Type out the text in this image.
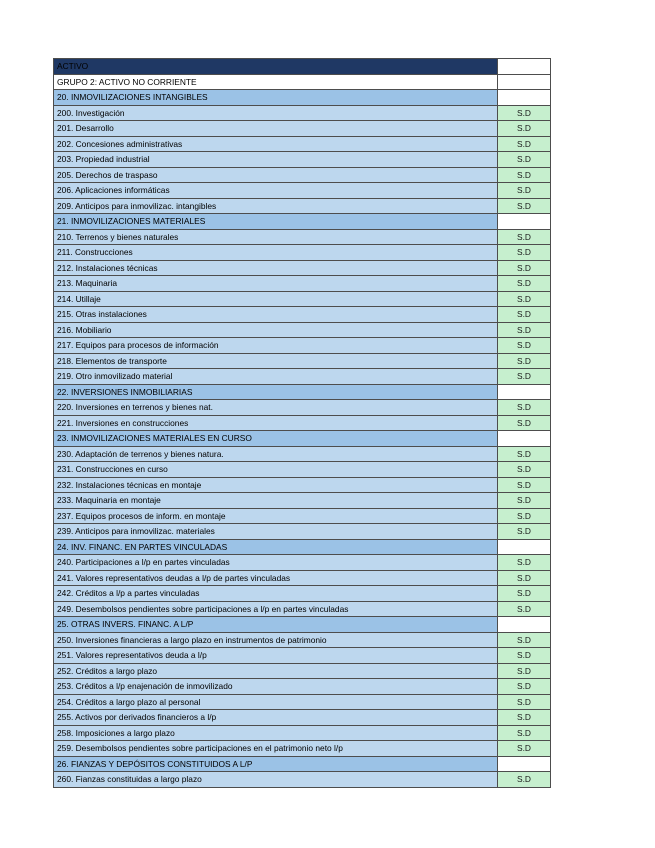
ACTIVO	
GRUPO 2: ACTIVO NO CORRIENTE	
20. INMOVILIZACIONES INTANGIBLES	
200. Investigación	S.D
201. Desarrollo	S.D
202. Concesiones administrativas	S.D
203. Propiedad industrial	S.D
205. Derechos de traspaso	S.D
206. Aplicaciones informáticas	S.D
209. Anticipos para inmovilizac. intangibles	S.D
21. INMOVILIZACIONES MATERIALES	
210. Terrenos y bienes naturales	S.D
211. Construcciones	S.D
212. Instalaciones técnicas	S.D
213. Maquinaria	S.D
214. Utillaje	S.D
215. Otras instalaciones	S.D
216. Mobiliario	S.D
217. Equipos para procesos de información	S.D
218. Elementos de transporte	S.D
219. Otro inmovilizado material	S.D
22. INVERSIONES INMOBILIARIAS	
220. Inversiones en terrenos y bienes nat.	S.D
221. Inversiones en construcciones	S.D
23. INMOVILIZACIONES MATERIALES EN CURSO	
230. Adaptación de terrenos y bienes natura.	S.D
231. Construcciones en curso	S.D
232. Instalaciones técnicas en montaje	S.D
233. Maquinaria en montaje	S.D
237. Equipos procesos de inform. en montaje	S.D
239. Anticipos para inmovilizac. materiales	S.D
24. INV. FINANC. EN PARTES VINCULADAS	
240. Participaciones a l/p en partes vinculadas	S.D
241. Valores representativos deudas a l/p de partes vinculadas	S.D
242. Créditos a l/p a partes vinculadas	S.D
249. Desembolsos pendientes sobre participaciones a l/p en partes vinculadas	S.D
25. OTRAS INVERS. FINANC. A L/P	
250. Inversiones financieras a largo plazo en instrumentos de patrimonio	S.D
251. Valores representativos deuda a l/p	S.D
252. Créditos a largo plazo	S.D
253. Créditos a l/p enajenación de inmovilizado	S.D
254. Créditos a largo plazo al personal	S.D
255. Activos por derivados financieros a l/p	S.D
258. Imposiciones a largo plazo	S.D
259. Desembolsos pendientes sobre participaciones en el patrimonio neto l/p	S.D
26. FIANZAS Y DEPÓSITOS CONSTITUIDOS A L/P	
260. Fianzas constituidas a largo plazo	S.D
